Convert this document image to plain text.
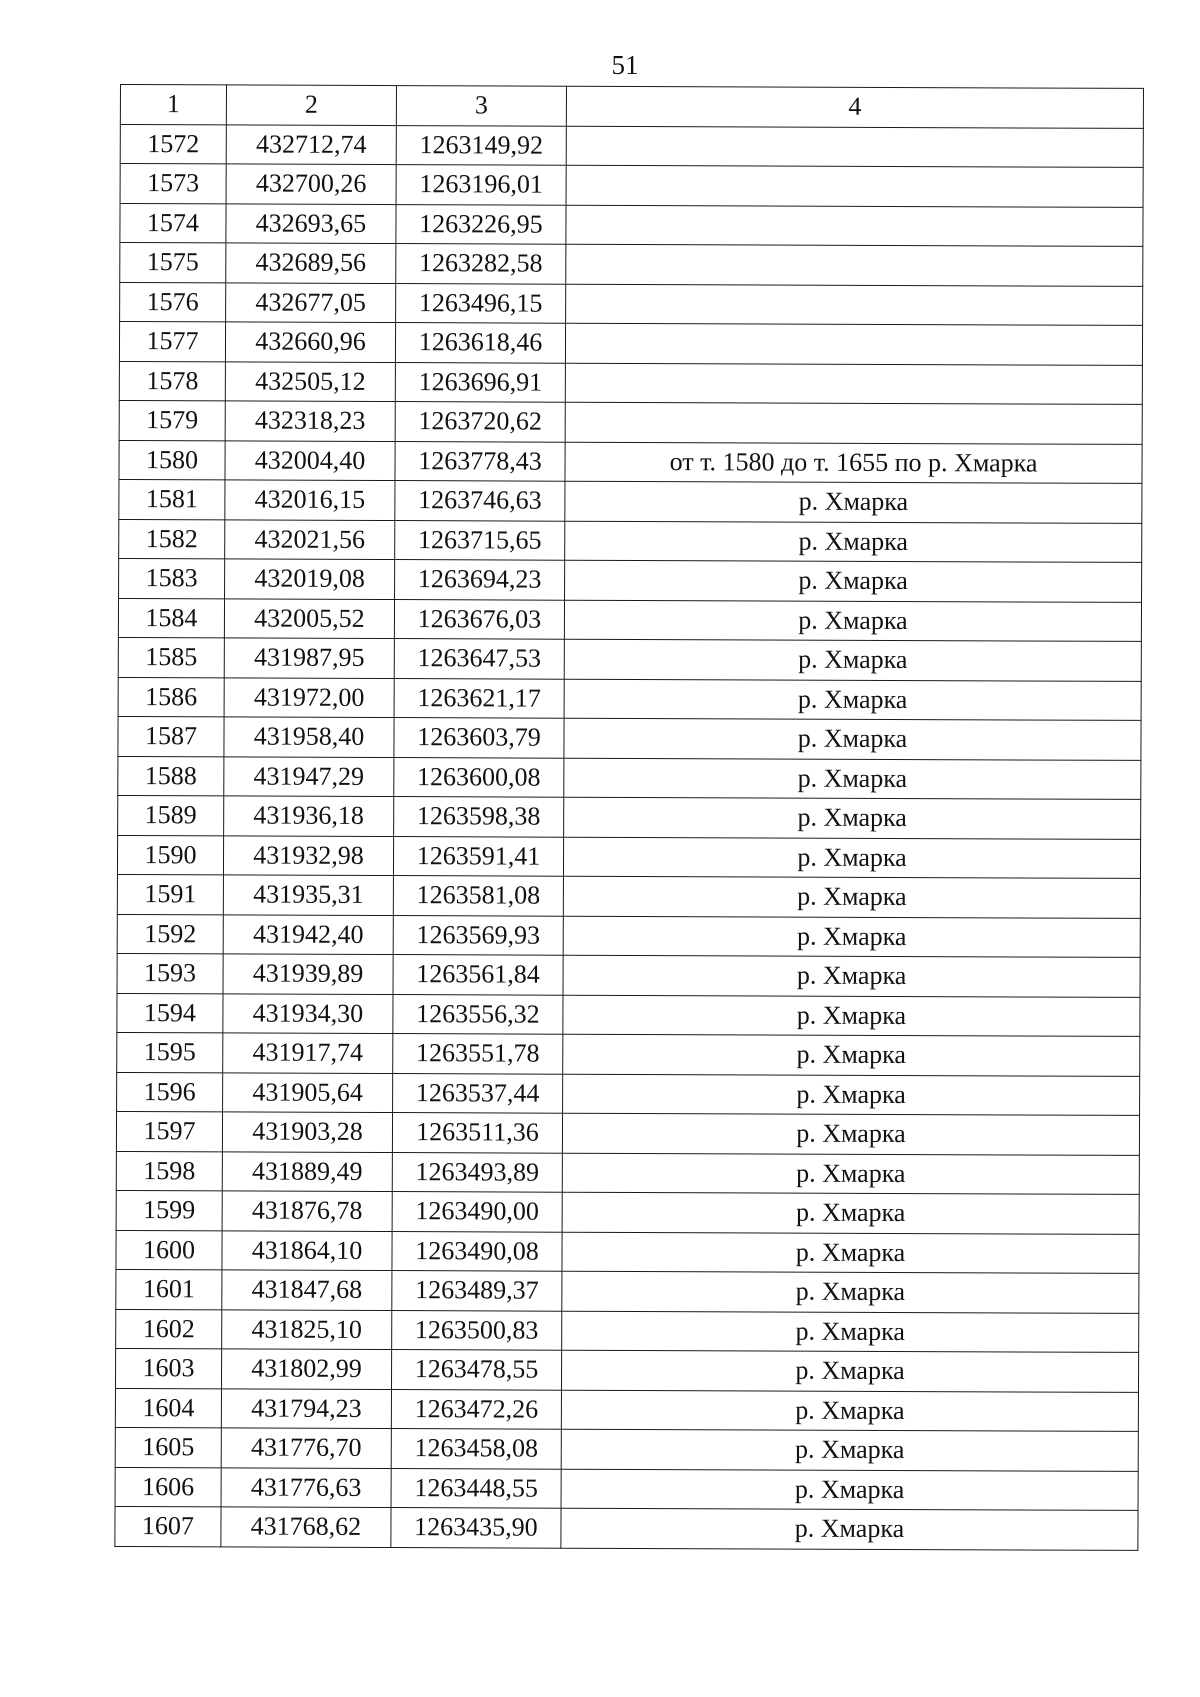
51
1	2	3	4
1572	432712,74	1263149,92	
1573	432700,26	1263196,01	
1574	432693,65	1263226,95	
1575	432689,56	1263282,58	
1576	432677,05	1263496,15	
1577	432660,96	1263618,46	
1578	432505,12	1263696,91	
1579	432318,23	1263720,62	
1580	432004,40	1263778,43	от т. 1580 до т. 1655 по р. Хмарка
1581	432016,15	1263746,63	р. Хмарка
1582	432021,56	1263715,65	р. Хмарка
1583	432019,08	1263694,23	р. Хмарка
1584	432005,52	1263676,03	р. Хмарка
1585	431987,95	1263647,53	р. Хмарка
1586	431972,00	1263621,17	р. Хмарка
1587	431958,40	1263603,79	р. Хмарка
1588	431947,29	1263600,08	р. Хмарка
1589	431936,18	1263598,38	р. Хмарка
1590	431932,98	1263591,41	р. Хмарка
1591	431935,31	1263581,08	р. Хмарка
1592	431942,40	1263569,93	р. Хмарка
1593	431939,89	1263561,84	р. Хмарка
1594	431934,30	1263556,32	р. Хмарка
1595	431917,74	1263551,78	р. Хмарка
1596	431905,64	1263537,44	р. Хмарка
1597	431903,28	1263511,36	р. Хмарка
1598	431889,49	1263493,89	р. Хмарка
1599	431876,78	1263490,00	р. Хмарка
1600	431864,10	1263490,08	р. Хмарка
1601	431847,68	1263489,37	р. Хмарка
1602	431825,10	1263500,83	р. Хмарка
1603	431802,99	1263478,55	р. Хмарка
1604	431794,23	1263472,26	р. Хмарка
1605	431776,70	1263458,08	р. Хмарка
1606	431776,63	1263448,55	р. Хмарка
1607	431768,62	1263435,90	р. Хмарка
